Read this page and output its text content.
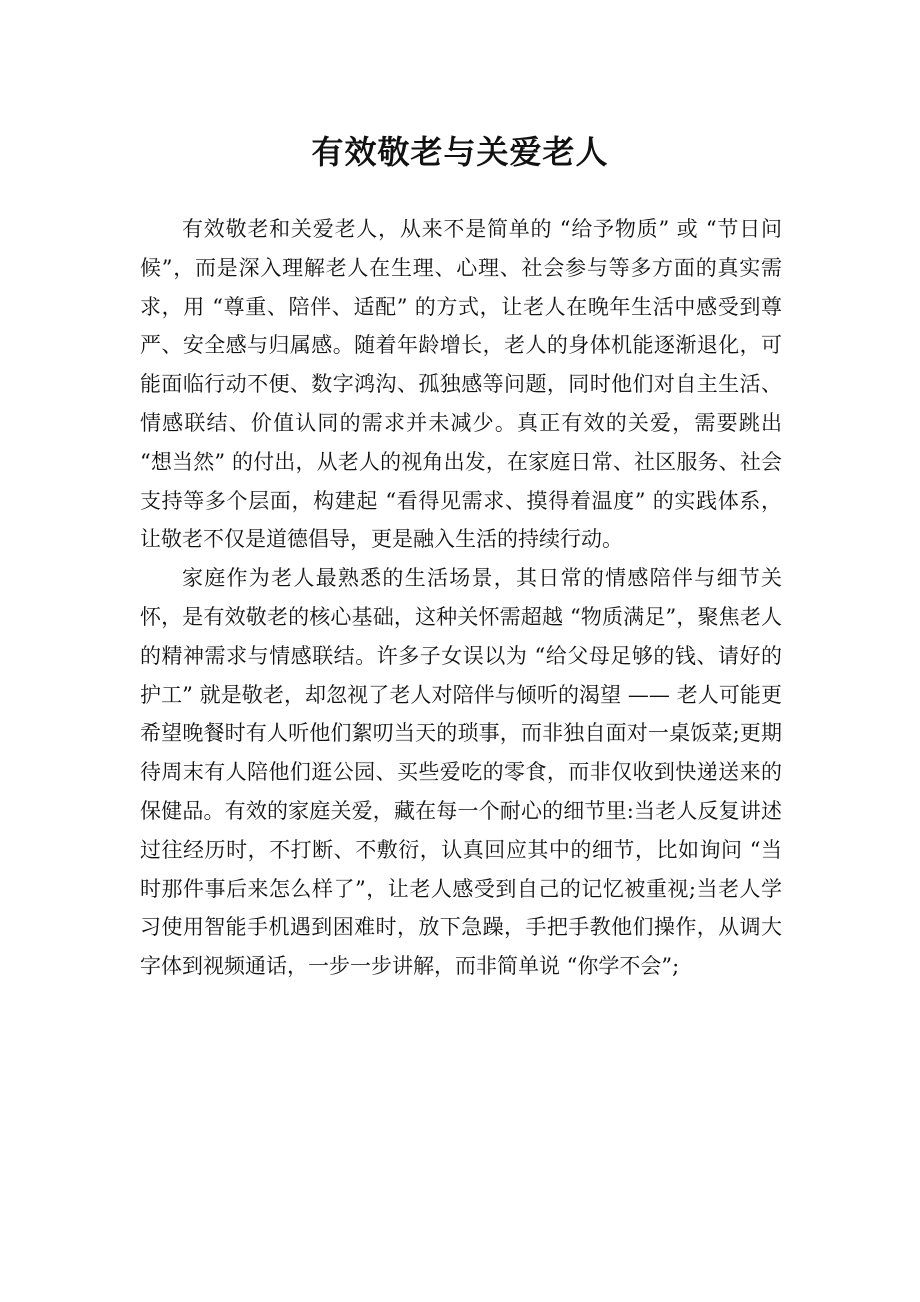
有效敬老与关爱老人

有效敬老和关爱老人，从来不是简单的 “给予物质” 或 “节日问候”，而是深入理解老人在生理、心理、社会参与等多方面的真实需求，用 “尊重、陪伴、适配” 的方式，让老人在晚年生活中感受到尊严、安全感与归属感。随着年龄增长，老人的身体机能逐渐退化，可能面临行动不便、数字鸿沟、孤独感等问题，同时他们对自主生活、情感联结、价值认同的需求并未减少。真正有效的关爱，需要跳出 “想当然” 的付出，从老人的视角出发，在家庭日常、社区服务、社会支持等多个层面，构建起 “看得见需求、摸得着温度” 的实践体系，让敬老不仅是道德倡导，更是融入生活的持续行动。

家庭作为老人最熟悉的生活场景，其日常的情感陪伴与细节关怀，是有效敬老的核心基础，这种关怀需超越 “物质满足”，聚焦老人的精神需求与情感联结。许多子女误以为 “给父母足够的钱、请好的护工” 就是敬老，却忽视了老人对陪伴与倾听的渴望 —— 老人可能更希望晚餐时有人听他们絮叨当天的琐事，而非独自面对一桌饭菜;更期待周末有人陪他们逛公园、买些爱吃的零食，而非仅收到快递送来的保健品。有效的家庭关爱，藏在每一个耐心的细节里:当老人反复讲述过往经历时，不打断、不敷衍，认真回应其中的细节，比如询问 “当时那件事后来怎么样了”，让老人感受到自己的记忆被重视;当老人学习使用智能手机遇到困难时，放下急躁，手把手教他们操作，从调大字体到视频通话，一步一步讲解，而非简单说 “你学不会”;
